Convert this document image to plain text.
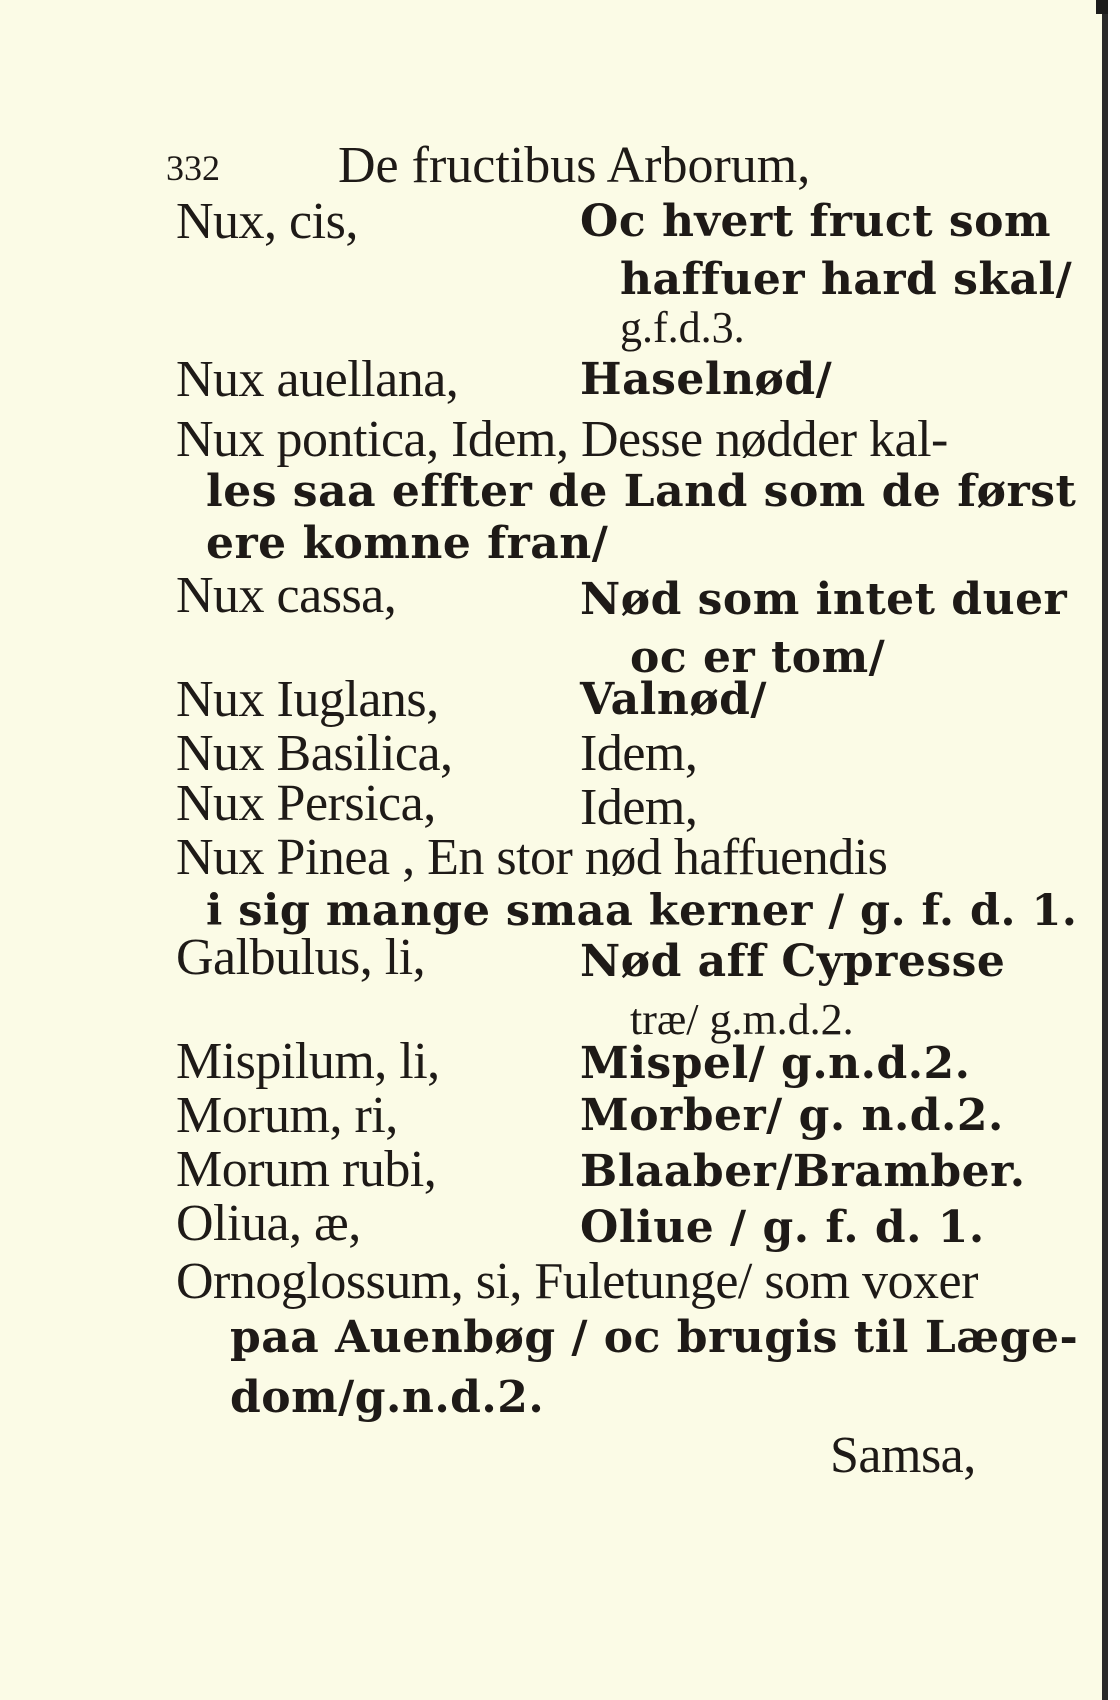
332 De fructibus Arborum,
Nux, cis,	Oc hvert fruct som
haffuer hard skal/
g.f.d.3.
Nux auellana,	Haselnød/
Nux pontica, Idem, Desse nødder kal-
les saa effter de Land som de først
ere komne fran/
Nux cassa,	Nød som intet duer
oc er tom/
Nux Iuglans,	Valnød/
Nux Basilica, Idem,
Nux Persica,	Idem,
Nux Pinea , En stor nød haffuendis
i sig mange smaa kerner / g. f. d. 1.
Galbulus, li,	Nød aff Cypresse
træ/ g.m.d.2.
Mispilum, li,	Mispel/ g.n.d.2.
Morum, ri,	Morber/ g. n.d.2.
Morum rubi,	Blaaber/Bramber.
Oliua, æ,	Oliue / g. f. d. 1.
Ornoglossum, si, Fuletunge/ som voxer
paa Auenbøg / oc brugis til Læge-
dom/g.n.d.2.
Samsa,
